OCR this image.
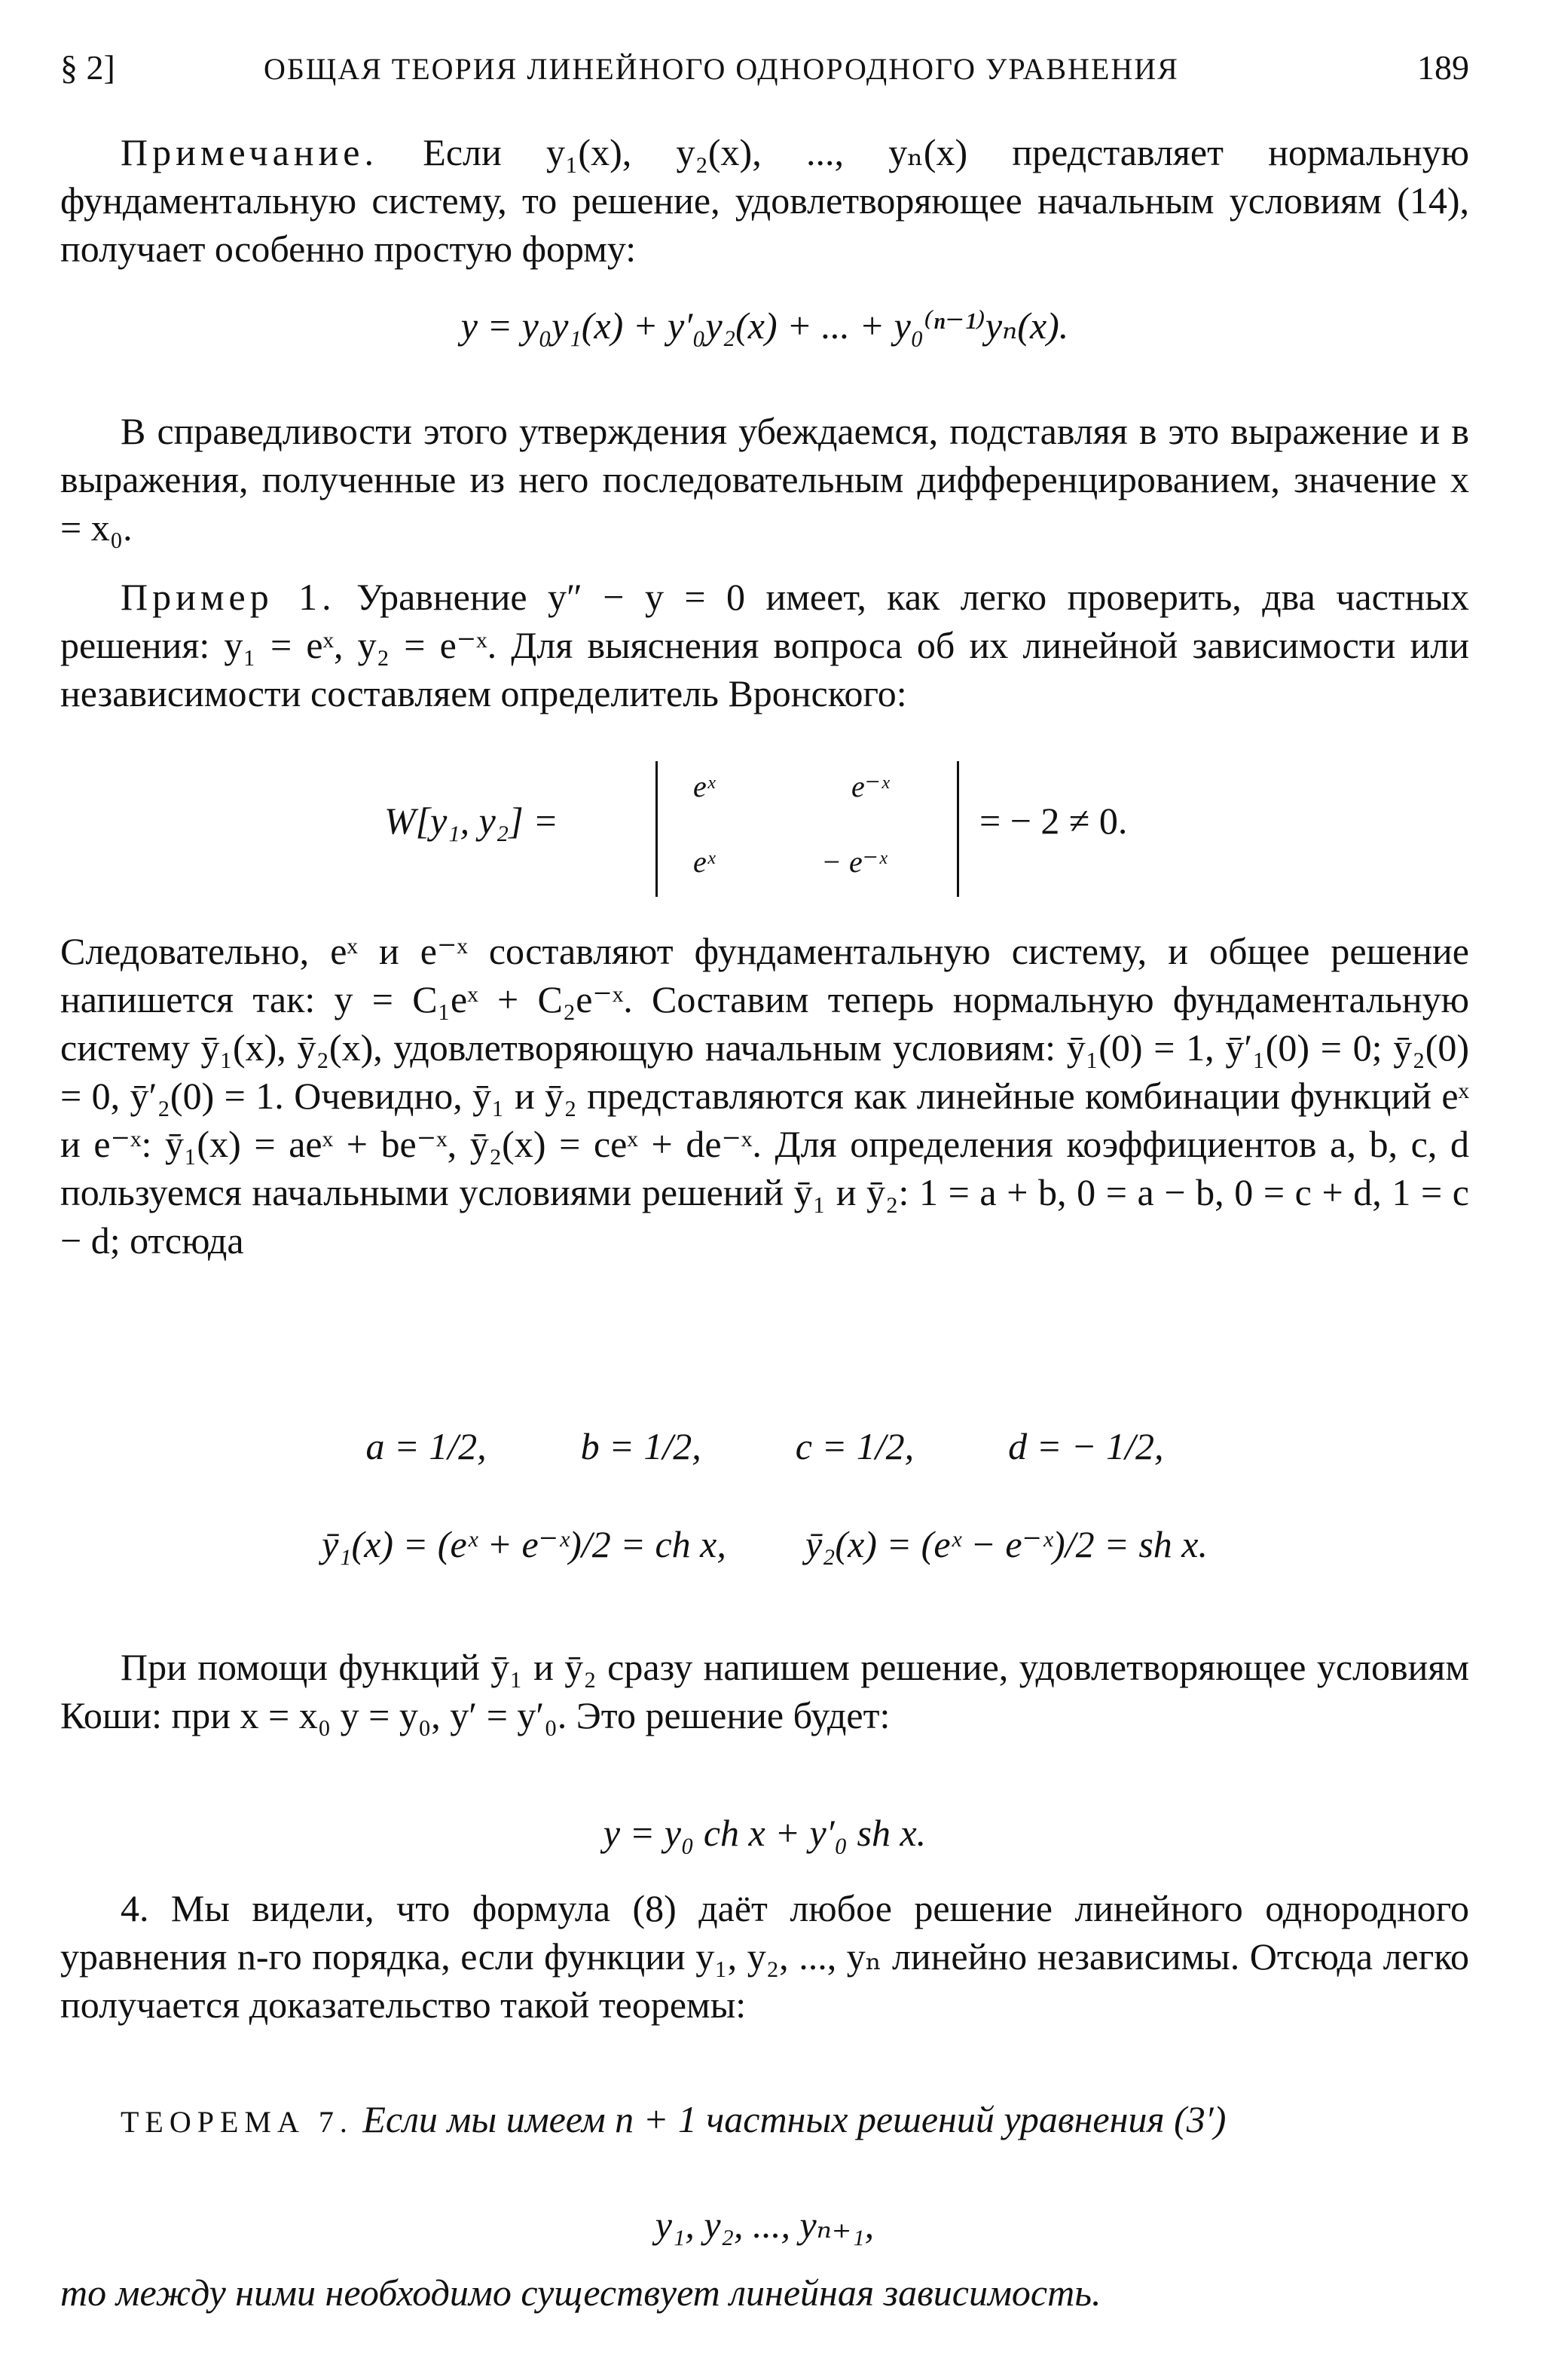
§ 2]	ОБЩАЯ ТЕОРИЯ ЛИНЕЙНОГО ОДНОРОДНОГО УРАВНЕНИЯ	189
Примечание. Если y₁(x), y₂(x), ..., yₙ(x) представляет нормальную фундаментальную систему, то решение, удовлетворяющее начальным условиям (14), получает особенно простую форму:
y = y₀y₁(x) + y′₀y₂(x) + ... + y₀⁽ⁿ⁻¹⁾yₙ(x).
В справедливости этого утверждения убеждаемся, подставляя в это выражение и в выражения, полученные из него последовательным дифференцированием, значение x = x₀.
Пример 1. Уравнение y″ − y = 0 имеет, как легко проверить, два частных решения: y₁ = eˣ, y₂ = e⁻ˣ. Для выяснения вопроса об их линейной зависимости или независимости составляем определитель Вронского:
W[y₁, y₂] =
eˣ	e⁻ˣ
eˣ	− e⁻ˣ
= − 2 ≠ 0.
Следовательно, eˣ и e⁻ˣ составляют фундаментальную систему, и общее решение напишется так: y = C₁eˣ + C₂e⁻ˣ. Составим теперь нормальную фундаментальную систему ȳ₁(x), ȳ₂(x), удовлетворяющую начальным условиям: ȳ₁(0) = 1, ȳ′₁(0) = 0; ȳ₂(0) = 0, ȳ′₂(0) = 1. Очевидно, ȳ₁ и ȳ₂ представляются как линейные комбинации функций eˣ и e⁻ˣ: ȳ₁(x) = aeˣ + be⁻ˣ, ȳ₂(x) = ceˣ + de⁻ˣ. Для определения коэффициентов a, b, c, d пользуемся начальными условиями решений ȳ₁ и ȳ₂: 1 = a + b, 0 = a − b, 0 = c + d, 1 = c − d; отсюда
a = 1/2,	b = 1/2,	c = 1/2,	d = − 1/2,
ȳ₁(x) = (eˣ + e⁻ˣ)/2 = ch x, ȳ₂(x) = (eˣ − e⁻ˣ)/2 = sh x.
При помощи функций ȳ₁ и ȳ₂ сразу напишем решение, удовлетворяющее условиям Коши: при x = x₀ y = y₀, y′ = y′₀. Это решение будет:
y = y₀ ch x + y′₀ sh x.
4. Мы видели, что формула (8) даёт любое решение линейного однородного уравнения n-го порядка, если функции y₁, y₂, ..., yₙ линейно независимы. Отсюда легко получается доказательство такой теоремы:
ТЕОРЕМА 7. Если мы имеем n + 1 частных решений уравнения (3′)
y₁, y₂, ..., yₙ₊₁,
то между ними необходимо существует линейная зависимость.
